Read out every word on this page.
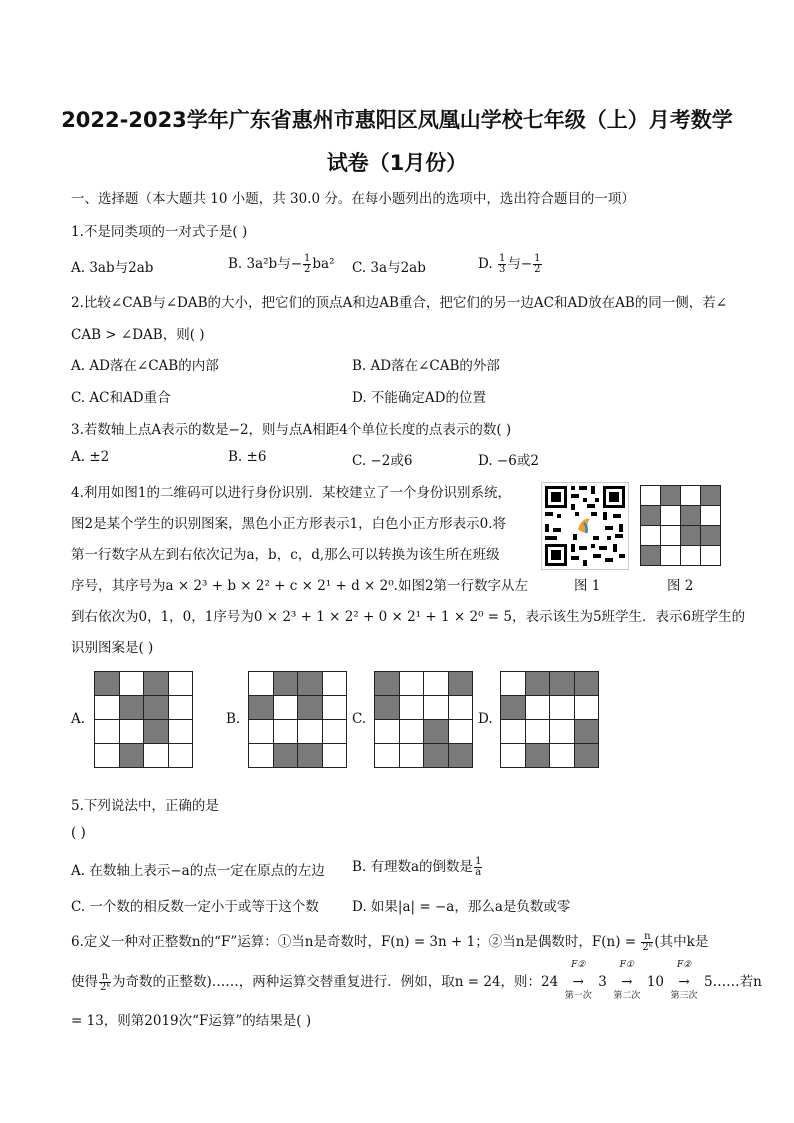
2022-2023学年广东省惠州市惠阳区凤凰山学校七年级（上）月考数学
试卷（1月份）
一、选择题（本大题共 10 小题，共 30.0 分。在每小题列出的选项中，选出符合题目的一项）
1.不是同类项的一对式子是( )
A. 3ab与2ab	B. 3a²b与− $\frac{1}{2} ba^2$ C. 3a与2ab	D. $\frac{1}{3}$ 与− $\frac{1}{2}$
2.比较∠CAB与∠DAB的大小，把它们的顶点A和边AB重合，把它们的另一边AC和AD放在AB的同一侧，若∠
CAB > ∠DAB，则( )
A. AD落在∠CAB的内部	B. AD落在∠CAB的外部
C. AC和AD重合	D. 不能确定AD的位置
3.若数轴上点A表示的数是−2，则与点A相距4个单位长度的点表示的数( )
A. ±2	B. ±6	C. −2或6	D. −6或2
4.利用如图1的二维码可以进行身份识别．某校建立了一个身份识别系统，
图2是某个学生的识别图案，黑色小正方形表示1，白色小正方形表示0.将
第一行数字从左到右依次记为a，b，c，d,那么可以转换为该生所在班级
序号，其序号为a × 2³ + b × 2² + c × 2¹ + d × 2⁰.如图2第一行数字从左
到右依次为0，1，0，1序号为0 × 2³ + 1 × 2² + 0 × 2¹ + 1 × 2⁰ = 5，表示该生为5班学生．表示6班学生的
识别图案是( )
图 1	图 2
A.	B.	C.	D.
5.下列说法中，正确的是
( )
A. 在数轴上表示−a的点一定在原点的左边 B. 有理数a的倒数是 $\frac{1}{a}$
C. 一个数的相反数一定小于或等于这个数 D. 如果|a| = −a，那么a是负数或零
6.定义一种对正整数n的“F”运算：①当n是奇数时，F(n) = 3n + 1；②当n是偶数时，$F(n) = \frac{n}{\text{2ᵏ}}$ (其中k是
使得 $\frac{n}{\text{2ᵏ}}$ 为奇数的正整数)……，两种运算交替重复进行．例如，取n = 24，则：24
F②
→
第一次
3
F①
→
第二次
10
F②
→
第三次
5……若n
= 13，则第2019次“F运算”的结果是( )
